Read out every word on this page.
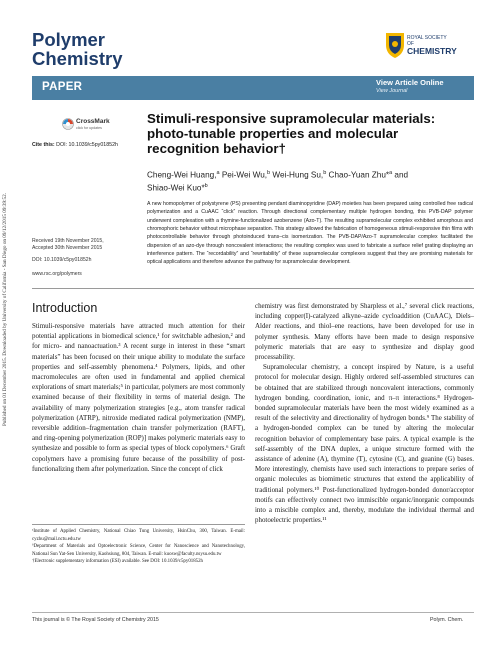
Published on 01 December 2015. Downloaded by University of California - San Diego on 09/12/2015 09:39:52.
Polymer Chemistry
ROYAL SOCIETY
OF
CHEMISTRY
PAPER	View Article Online
View Journal
CrossMark
click for updates
Cite this: DOI: 10.1039/c5py01852h
Stimuli-responsive supramolecular materials: photo-tunable properties and molecular recognition behavior†
Cheng-Wei Huang,$^a$ Pei-Wei Wu,$^b$ Wei-Hung Su,$^b$ Chao-Yuan Zhu*$^a$ and
Shiao-Wei Kuo*$^b$
A new homopolymer of polystyrene (PS) presenting pendant diaminopyridine (DAP) moieties has been prepared using controlled free radical polymerization and a CuAAC “click” reaction. Through directional complementary multiple hydrogen bonding, this PVB-DAP polymer underwent complexation with a thymine-functionalized azobenzene (Azo-T). The resulting supramolecular complex exhibited amorphous and chromophoric behavior without microphase separation. This strategy allowed the fabrication of homogeneous stimuli-responsive thin films with photocontrollable behavior through photoinduced trans–cis isomerization. The PVB-DAP/Azo-T supramolecular complex facilitated the dispersion of an azo-dye through noncovalent interactions; the resulting complex was used to fabricate a surface relief grating displaying an interference pattern. The “recordability” and “rewritability” of these supramolecular complexes suggest that they are promising materials for optical applications and therefore advance the pathway for supramolecular development.
Received 19th November 2015,
Accepted 30th November 2015
DOI: 10.1039/c5py01852h
www.rsc.org/polymers
Introduction

Stimuli-responsive materials have attracted much attention for their potential applications in biomedical science,¹ for switchable adhesion,² and for micro- and nanoactuation.³ A recent surge in interest in these “smart materials” has been focused on their unique ability to modulate the surface properties and self-assembly phenomena.⁴ Polymers, lipids, and other macromolecules are often used in fundamental and applied chemical explorations of smart materials;⁵ in particular, polymers are most commonly examined because of their flexibility in terms of material design. The availability of many polymerization strategies [e.g., atom transfer radical polymerization (ATRP), nitroxide mediated radical polymerization (NMP), reversible addition–fragmentation chain transfer polymerization (RAFT), and ring-opening polymerization (ROP)] makes polymeric materials easy to synthesize and possible to form as special types of block copolymers.⁶ Graft copolymers have a promising future because of the possibility of post-functionalizing them after polymerization. Since the concept of click

chemistry was first demonstrated by Sharpless et al.,⁷ several click reactions, including copper(I)-catalyzed alkyne–azide cycloaddition (CuAAC), Diels–Alder reactions, and thiol–ene reactions, have been developed for use in polymer synthesis. Many efforts have been made to design responsive polymeric materials that are easy to synthesize and display good processability.

Supramolecular chemistry, a concept inspired by Nature, is a useful protocol for molecular design. Highly ordered self-assembled structures can be obtained that are stabilized through noncovalent interactions, commonly hydrogen bonding, coordination, ionic, and π–π interactions.⁸ Hydrogen-bonded supramolecular materials have been the most widely examined as a result of the selectivity and directionality of hydrogen bonds.⁹ The stability of a hydrogen-bonded complex can be tuned by altering the molecular recognition behavior of complementary base pairs. A typical example is the self-assembly of the DNA duplex, a unique structure formed with the assistance of adenine (A), thymine (T), cytosine (C), and guanine (G) bases. More interestingly, chemists have used such interactions to prepare series of organic molecules as biomimetic structures that extend the applicability of traditional polymers.¹⁰ Post-functionalized hydrogen-bonded donor/acceptor motifs can effectively connect two immiscible organic/inorganic compounds into a miscible complex and, thereby, modulate the individual thermal and photoelectric properties.¹¹

ᵃInstitute of Applied Chemistry, National Chiao Tung University, HsinChu, 300, Taiwan. E-mail: cyzhu@mail.nctu.edu.tw

ᵇDepartment of Materials and Optoelectronic Science, Center for Nanoscience and Nanotechnology, National Sun Yat-Sen University, Kaohsiung, 804, Taiwan. E-mail: kuosw@faculty.nsysu.edu.tw

†Electronic supplementary information (ESI) available. See DOI: 10.1039/c5py01852h

This journal is © The Royal Society of Chemistry 2015	Polym. Chem.
